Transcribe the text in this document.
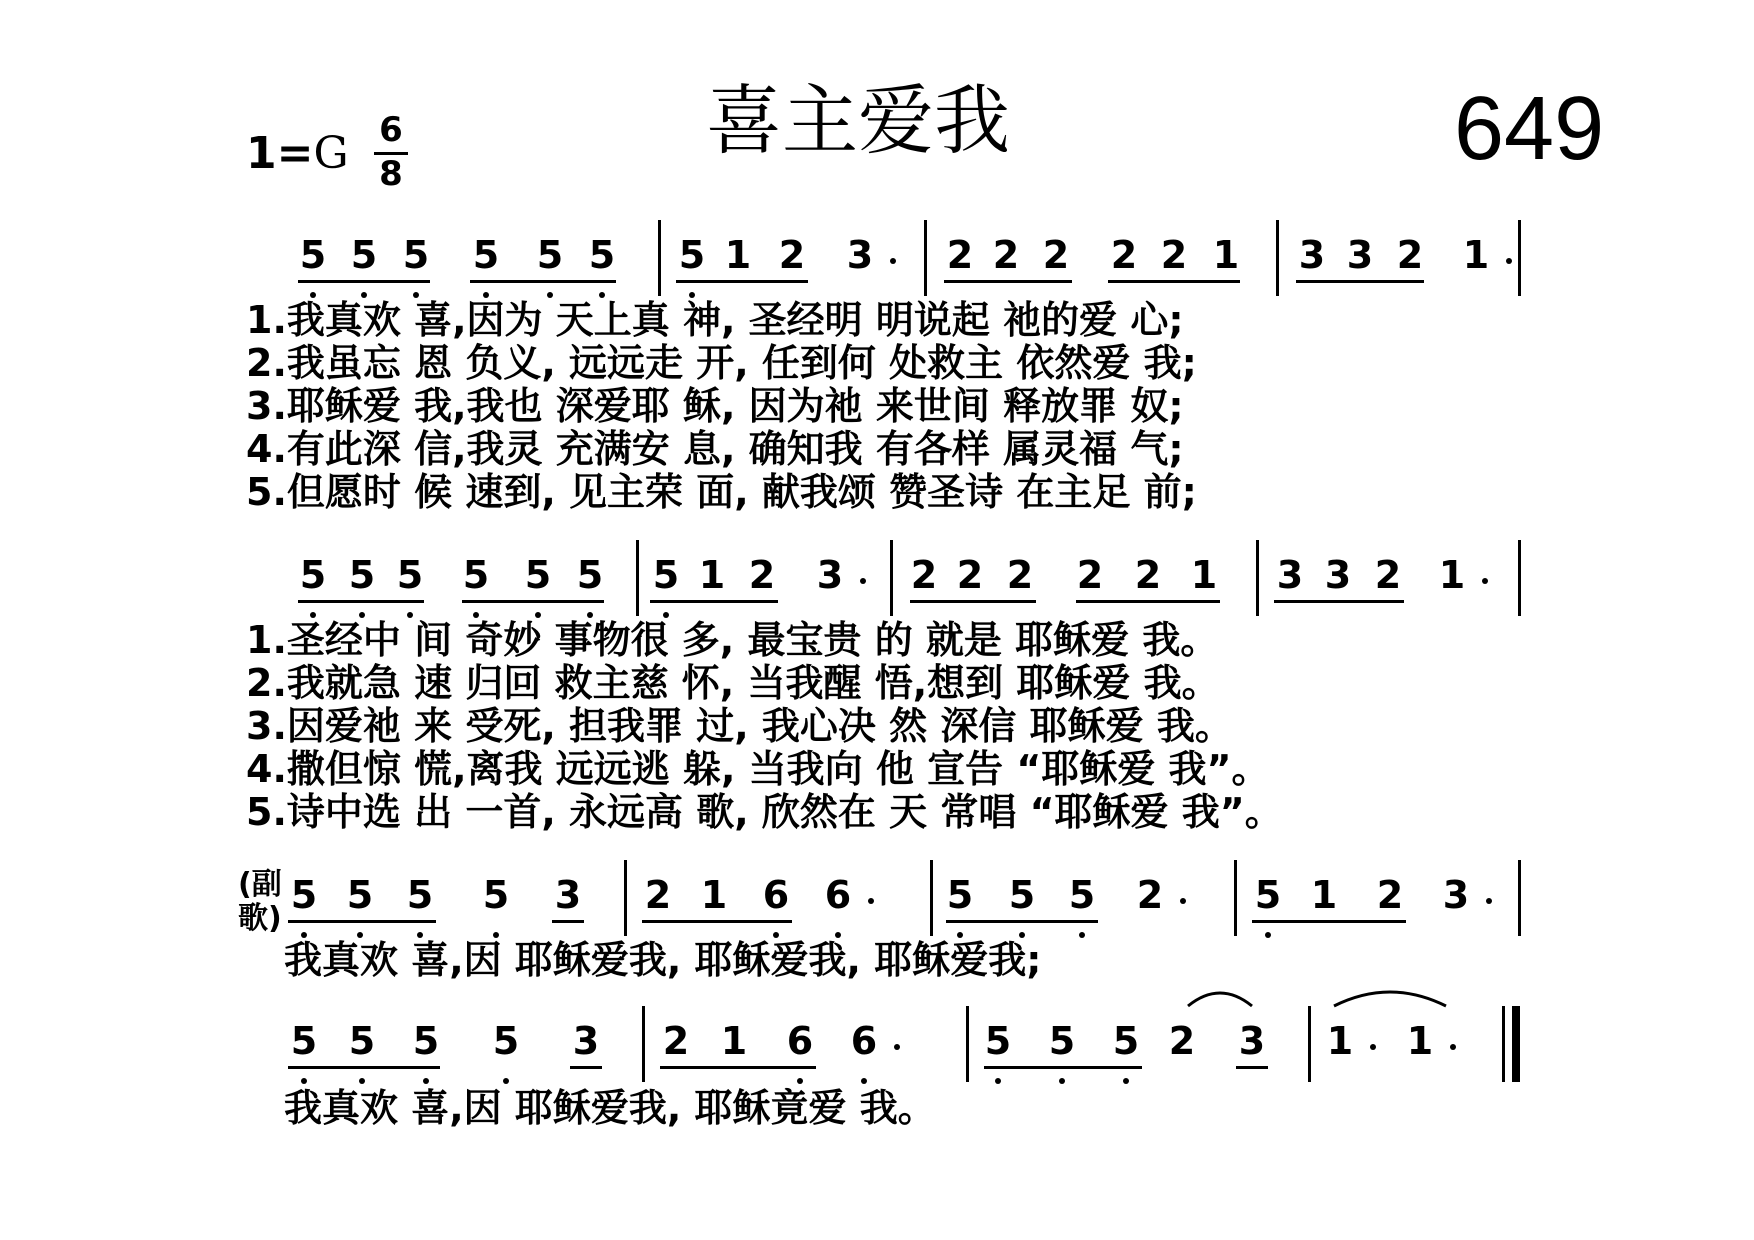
1=G 6
8
喜主爱我	649
1.我真欢 喜,因为 天上真 神, 圣经明 明说起 祂的爱 心;
2.我虽忘 恩 负义, 远远走 开, 任到何 处救主 依然爱 我;
3.耶稣爱 我,我也 深爱耶 稣, 因为祂 来世间 释放罪 奴;
4.有此深 信,我灵 充满安 息, 确知我 有各样 属灵福 气;
5.但愿时 候 速到, 见主荣 面, 献我颂 赞圣诗 在主足 前;
1.圣经中 间 奇妙 事物很 多, 最宝贵 的 就是 耶稣爱 我。
2.我就急 速 归回 救主慈 怀, 当我醒 悟,想到 耶稣爱 我。
3.因爱祂 来 受死, 担我罪 过, 我心决 然 深信 耶稣爱 我。
4.撒但惊 慌,离我 远远逃 躲, 当我向 他 宣告 “耶稣爱 我”。
5.诗中选 出 一首, 永远高 歌, 欣然在 天 常唱 “耶稣爱 我”。
(副歌)
我真欢 喜,因 耶稣爱我, 耶稣爱我, 耶稣爱我;
我真欢 喜,因 耶稣爱我, 耶稣竟爱 我。
5 5 5 5 5 5 5 1 2 3 2 2 2 2 2 1 3 3 2 1
5 5 5 5 5 5 5 1 2 3 2 2 2 2 2 1 3 3 2 1
5 5 5 5 3 2 1 6 6	5 5 5 2 5 1 2 3
5 5 5 5 3 2 1 6 6	5 5 5 2 3 1 1
